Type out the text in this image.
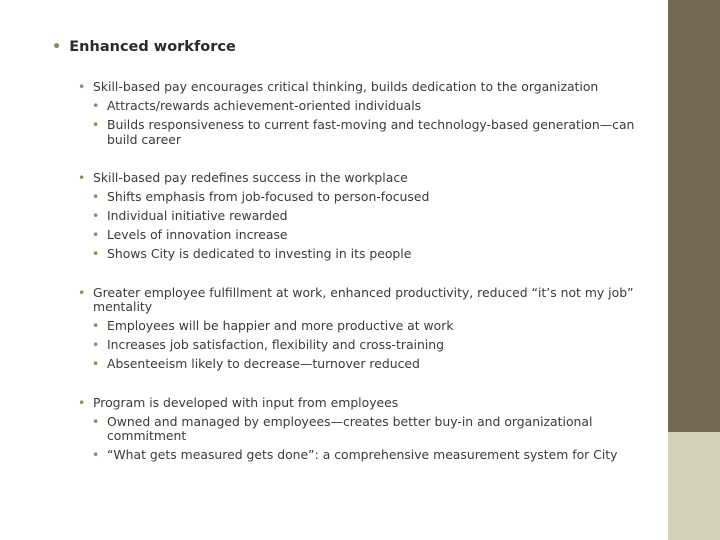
• Enhanced workforce

• Skill-based pay encourages critical thinking, builds dedication to the organization

• Attracts/rewards achievement-oriented individuals
• Builds responsiveness to current fast-moving and technology-based generation—can build career

• Skill-based pay redefines success in the workplace

• Shifts emphasis from job-focused to person-focused
• Individual initiative rewarded
• Levels of innovation increase
• Shows City is dedicated to investing in its people

• Greater employee fulfillment at work, enhanced productivity, reduced “it’s not my job” mentality

• Employees will be happier and more productive at work
• Increases job satisfaction, flexibility and cross-training
• Absenteeism likely to decrease—turnover reduced

• Program is developed with input from employees

• Owned and managed by employees—creates better buy-in and organizational commitment
• “What gets measured gets done”: a comprehensive measurement system for City
